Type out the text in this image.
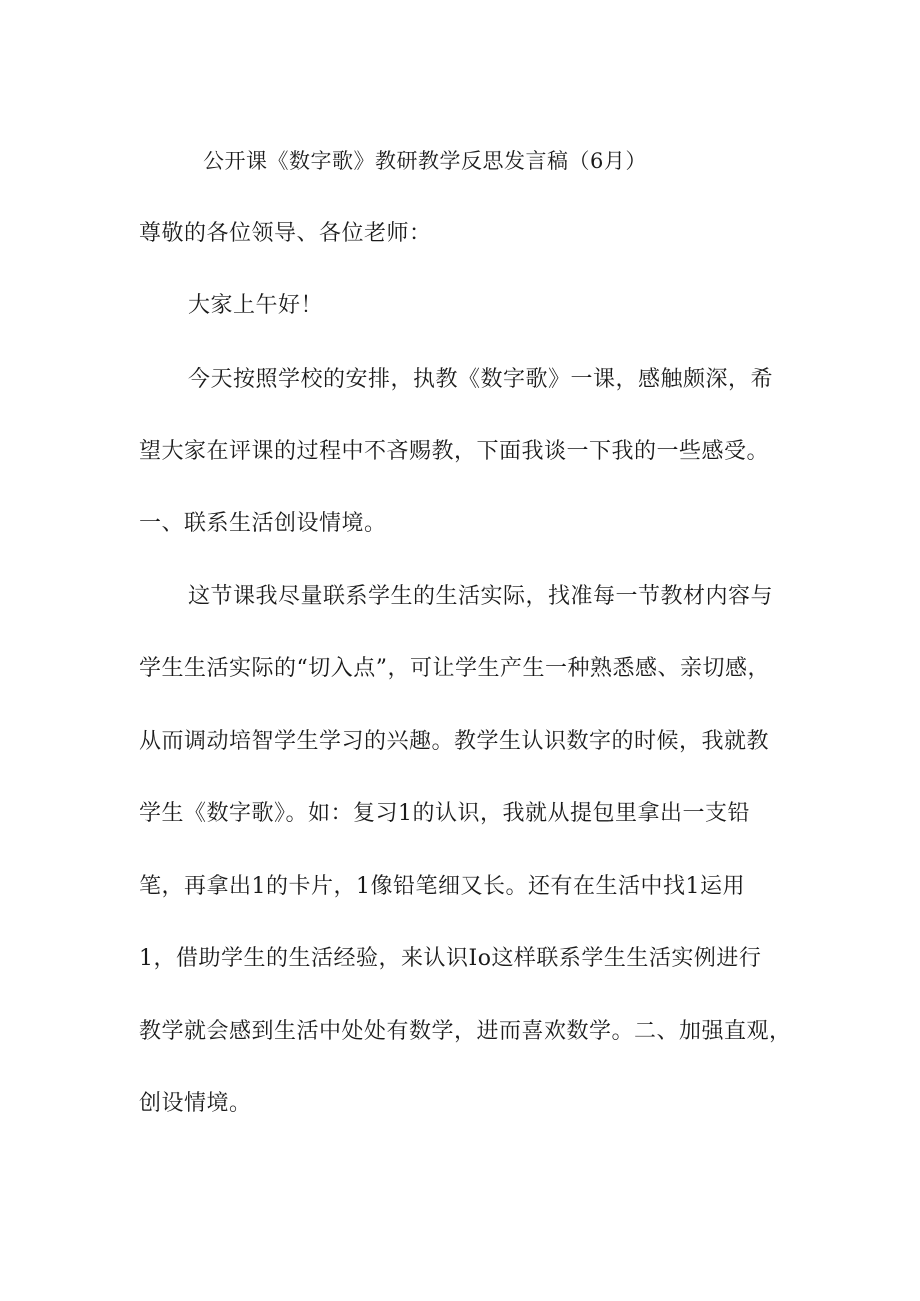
公开课《数字歌》教研教学反思发言稿（6月）
尊敬的各位领导、各位老师：
大家上午好！
今天按照学校的安排，执教《数字歌》一课，感触颇深，希
望大家在评课的过程中不吝赐教，下面我谈一下我的一些感受。
一、联系生活创设情境。
这节课我尽量联系学生的生活实际，找准每一节教材内容与
学生生活实际的“切入点”，可让学生产生一种熟悉感、亲切感，
从而调动培智学生学习的兴趣。教学生认识数字的时候，我就教
学生《数字歌》。如：复习1的认识，我就从提包里拿出一支铅
笔，再拿出1的卡片，1像铅笔细又长。还有在生活中找1运用
1，借助学生的生活经验，来认识Io这样联系学生生活实例进行
教学就会感到生活中处处有数学，进而喜欢数学。二、加强直观，
创设情境。
